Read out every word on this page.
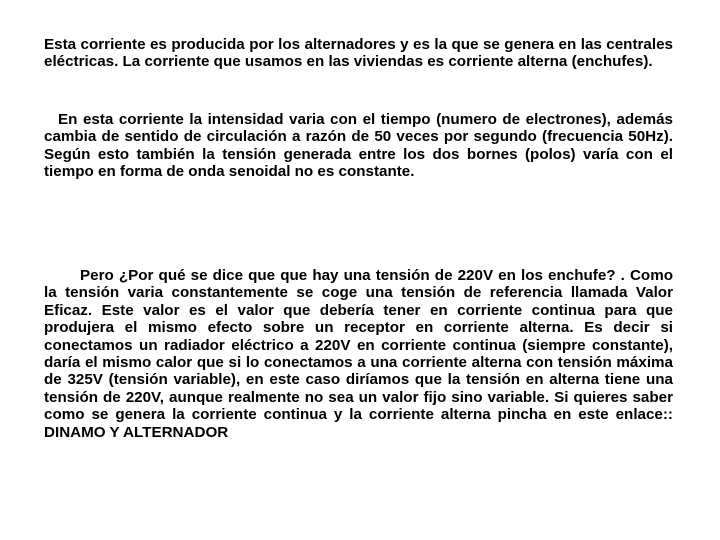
Esta corriente es producida por los alternadores y es la que se genera en las centrales eléctricas. La corriente que usamos en las viviendas es corriente alterna (enchufes).

En esta corriente la intensidad varia con el tiempo (numero de electrones), además cambia de sentido de circulación a razón de 50 veces por segundo (frecuencia 50Hz). Según esto también la tensión generada entre los dos bornes (polos) varía con el tiempo en forma de onda senoidal no es constante.

Pero ¿Por qué se dice que que hay una tensión de 220V en los enchufe? . Como la tensión varia constantemente se coge una tensión de referencia llamada Valor Eficaz. Este valor es el valor que debería tener en corriente continua para que produjera el mismo efecto sobre un receptor en corriente alterna. Es decir si conectamos un radiador eléctrico a 220V en corriente continua (siempre constante), daría el mismo calor que si lo conectamos a una corriente alterna con tensión máxima de 325V (tensión variable), en este caso diríamos que la tensión en alterna tiene una tensión de 220V, aunque realmente no sea un valor fijo sino variable. Si quieres saber como se genera la corriente continua y la corriente alterna pincha en este enlace:: DINAMO Y ALTERNADOR
